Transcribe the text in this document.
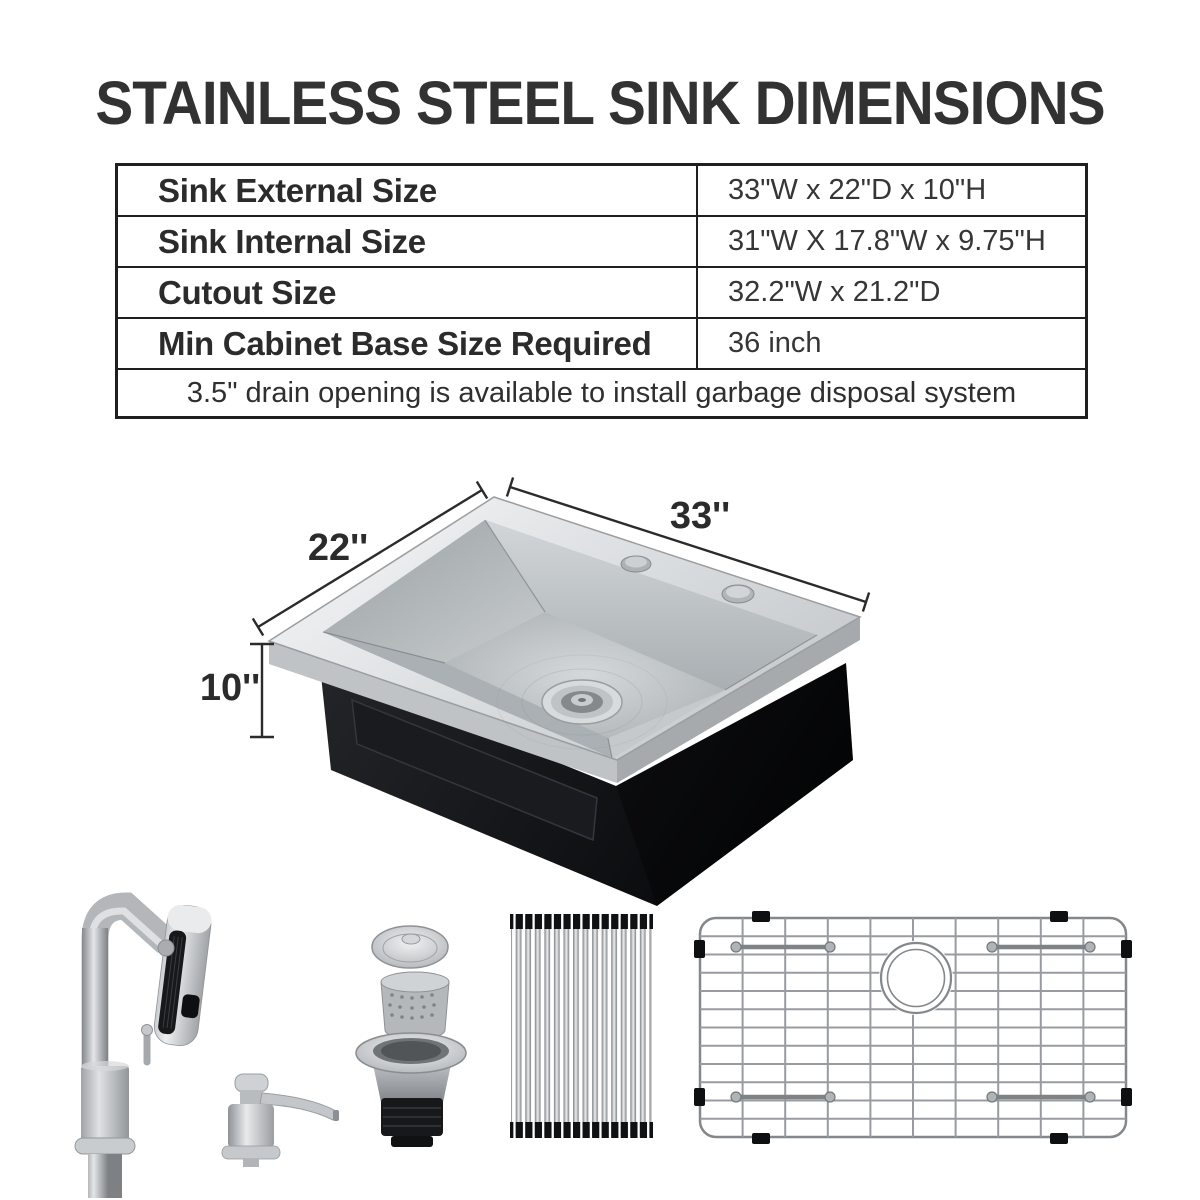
STAINLESS STEEL SINK DIMENSIONS
Sink External Size	33"W x 22"D x 10"H
Sink Internal Size	31"W X 17.8"W x 9.75"H
Cutout Size	32.2"W x 21.2"D
Min Cabinet Base Size Required	36 inch
3.5" drain opening is available to install garbage disposal system
22''
33''
10''
